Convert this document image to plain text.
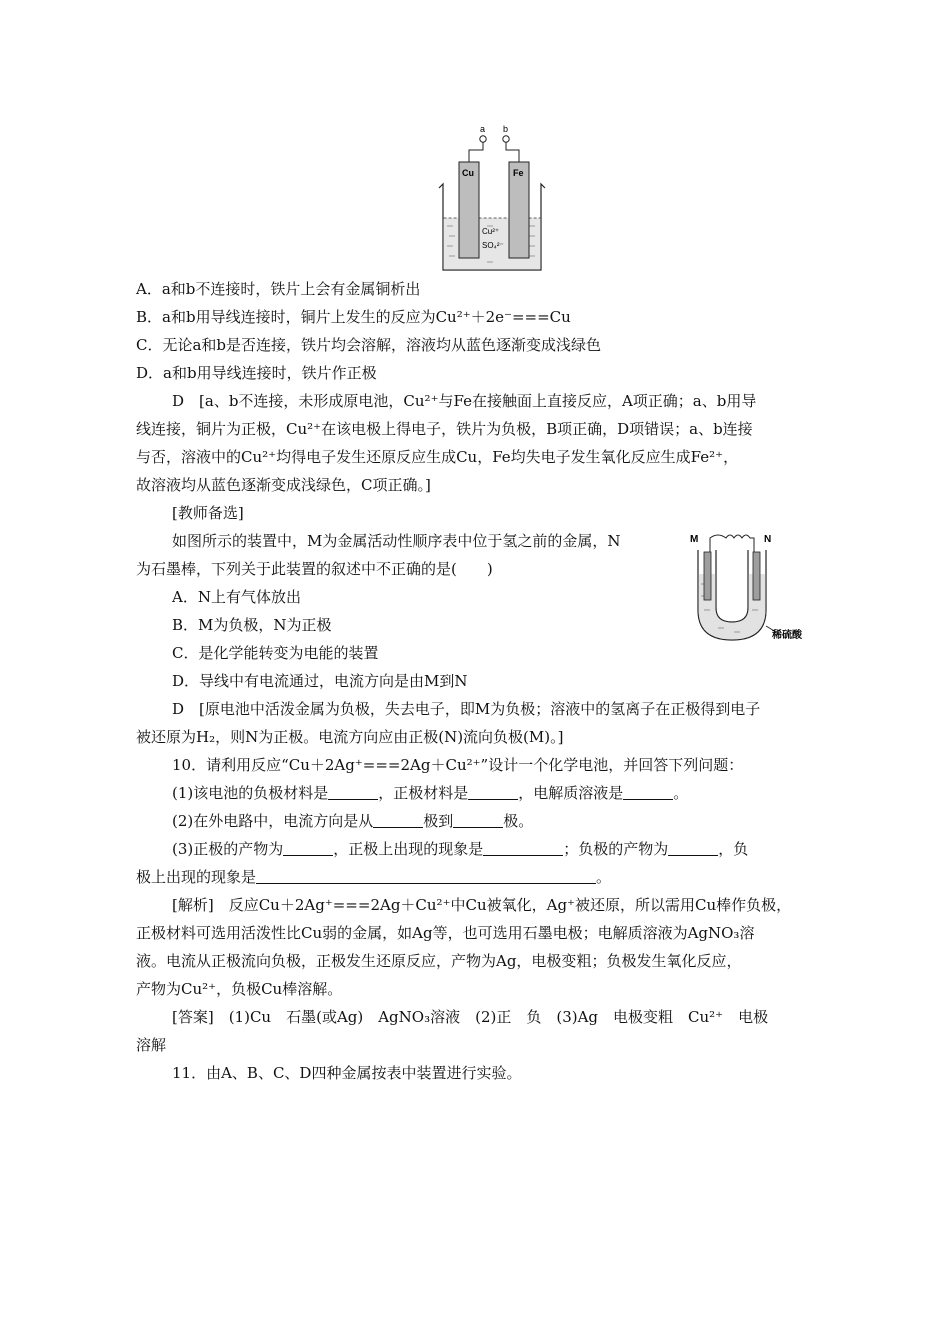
a b
Cu	Fe
Cu²⁺
SO₄²⁻
A．a和b不连接时，铁片上会有金属铜析出
B．a和b用导线连接时，铜片上发生的反应为Cu²⁺＋2e⁻===Cu
C．无论a和b是否连接，铁片均会溶解，溶液均从蓝色逐渐变成浅绿色
D．a和b用导线连接时，铁片作正极
D　[a、b不连接，未形成原电池，Cu²⁺与Fe在接触面上直接反应，A项正确；a、b用导
线连接，铜片为正极，Cu²⁺在该电极上得电子，铁片为负极，B项正确，D项错误；a、b连接
与否，溶液中的Cu²⁺均得电子发生还原反应生成Cu，Fe均失电子发生氧化反应生成Fe²⁺，
故溶液均从蓝色逐渐变成浅绿色，C项正确。]
[教师备选]
如图所示的装置中，M为金属活动性顺序表中位于氢之前的金属，N
为石墨棒，下列关于此装置的叙述中不正确的是(　　)
A．N上有气体放出
B．M为负极，N为正极
C．是化学能转变为电能的装置
D．导线中有电流通过，电流方向是由M到N
M	N
稀硫酸
D　[原电池中活泼金属为负极，失去电子，即M为负极；溶液中的氢离子在正极得到电子
被还原为H₂，则N为正极。电流方向应由正极(N)流向负极(M)。]
10．请利用反应“Cu＋2Ag⁺===2Ag＋Cu²⁺”设计一个化学电池，并回答下列问题：
(1)该电池的负极材料是	，正极材料是	，电解质溶液是	。
(2)在外电路中，电流方向是从	极到	极。
(3)正极的产物为	，正极上出现的现象是	；负极的产物为	，负
极上出现的现象是	。
[解析]　反应Cu＋2Ag⁺===2Ag＋Cu²⁺中Cu被氧化，Ag⁺被还原，所以需用Cu棒作负极，
正极材料可选用活泼性比Cu弱的金属，如Ag等，也可选用石墨电极；电解质溶液为AgNO₃溶
液。电流从正极流向负极，正极发生还原反应，产物为Ag，电极变粗；负极发生氧化反应，
产物为Cu²⁺，负极Cu棒溶解。
[答案]　(1)Cu　石墨(或Ag)　AgNO₃溶液　(2)正　负　(3)Ag　电极变粗　Cu²⁺　电极
溶解
11．由A、B、C、D四种金属按表中装置进行实验。
